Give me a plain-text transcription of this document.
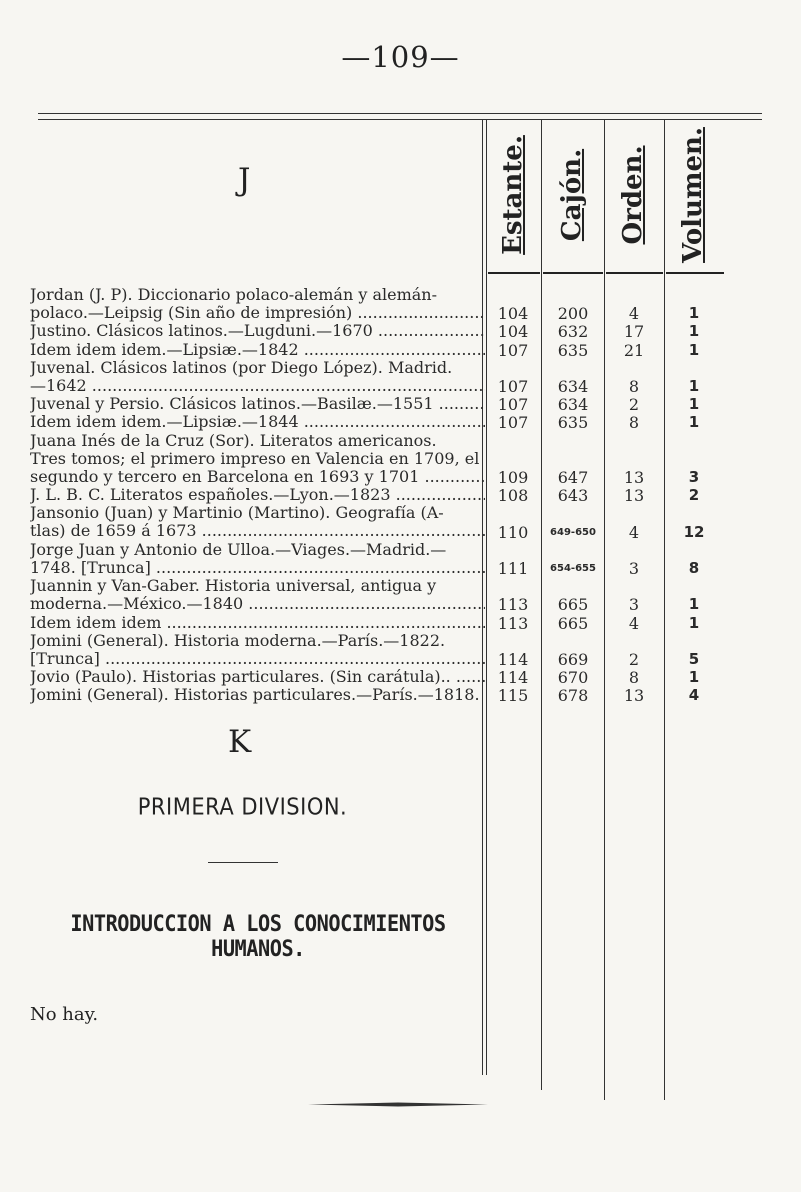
—109—
Estante. Cajón. Orden. Volumen.
J
Jordan (J. P). Diccionario polaco-alemán y alemán-
polaco.—Leipsig (Sin año de impresión) .....	104	200	4	1
Justino. Clásicos latinos.—Lugduni.—1670 .....	104	632	17	1
Idem idem idem.—Lipsiæ.—1842 .....	107	635	21	1
Juvenal. Clásicos latinos (por Diego López). Madrid.
—1642 .....	107	634	8	1
Juvenal y Persio. Clásicos latinos.—Basilæ.—1551 .....	107	634	2	1
Idem idem idem.—Lipsiæ.—1844 .....	107	635	8	1
Juana Inés de la Cruz (Sor). Literatos americanos.
Tres tomos; el primero impreso en Valencia en 1709, el
segundo y tercero en Barcelona en 1693 y 1701 .....	109	647	13	3
J. L. B. C. Literatos españoles.—Lyon.—1823 .....	108	643	13	2
Jansonio (Juan) y Martinio (Martino). Geografía (A-
tlas) de 1659 á 1673 .....	110	649-650	4	12
Jorge Juan y Antonio de Ulloa.—Viages.—Madrid.—
1748. [Trunca] .....	111	654-655	3	8
Juannin y Van-Gaber. Historia universal, antigua y
moderna.—México.—1840 .....	113	665	3	1
Idem idem idem .....	113	665	4	1
Jomini (General). Historia moderna.—París.—1822.
[Trunca] .....	114	669	2	5
Jovio (Paulo). Historias particulares. (Sin carátula).. .....	114	670	8	1
Jomini (General). Historias particulares.—París.—1818. .....	115	678	13	4
K
PRIMERA DIVISION.
INTRODUCCION A LOS CONOCIMIENTOS HUMANOS.
No hay.
